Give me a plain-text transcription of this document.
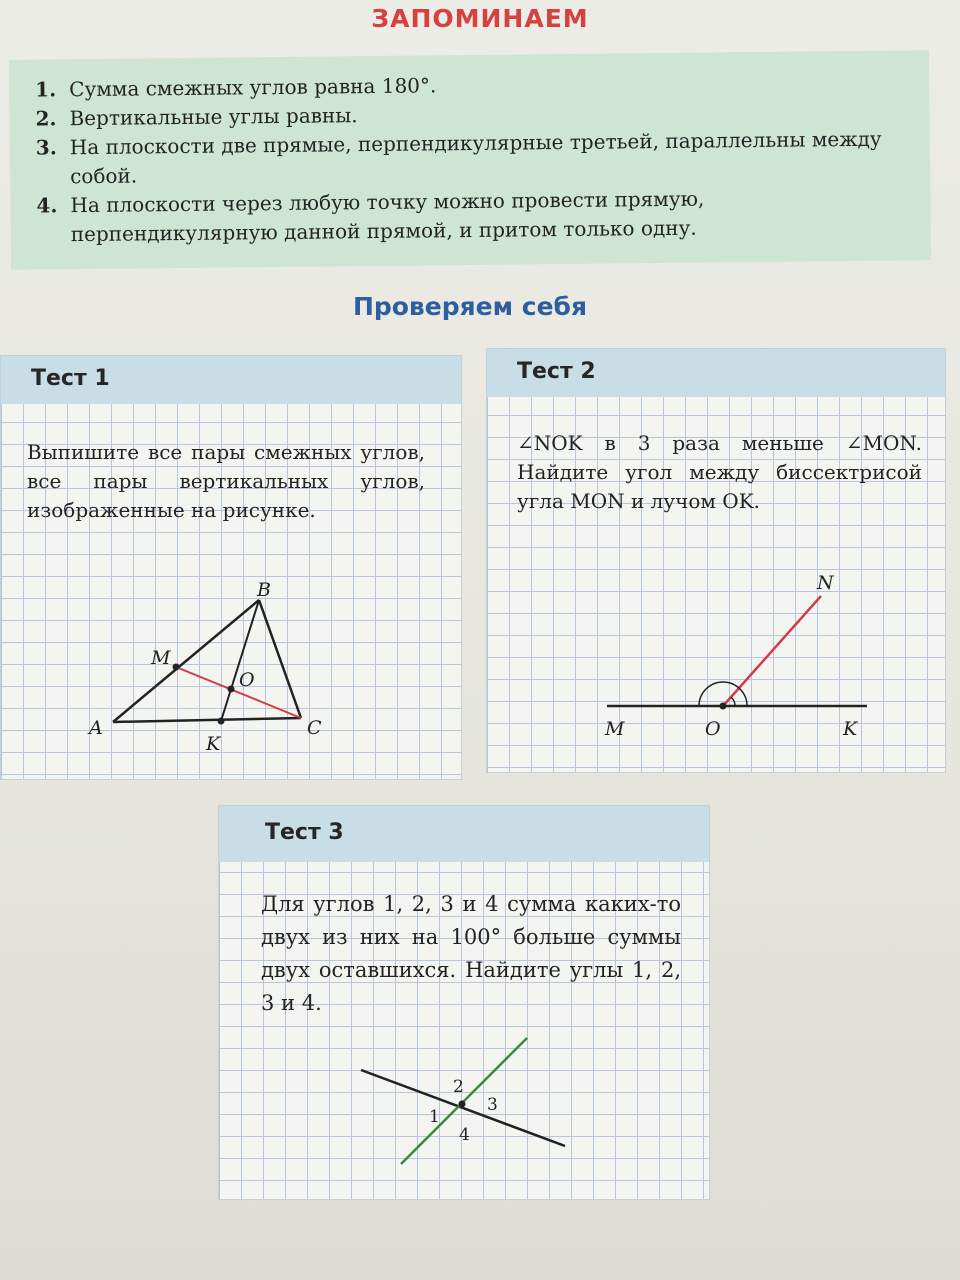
ЗАПОМИНАЕМ
1. Сумма смежных углов равна 180°.
2. Вертикальные углы равны.
3. На плоскости две прямые, перпендикулярные третьей, параллельны между собой.
4. На плоскости через любую точку можно провести прямую, перпендикулярную данной прямой, и притом только одну.
Проверяем себя
Тест 1

Выпишите все пары смежных углов, все пары вертикальных углов, изображенные на рисунке.

B
M
O
A	C
K
Тест 2

∠NOK в 3 раза меньше ∠MON. Найдите угол между биссектрисой угла MON и лучом OK.

N
M	O	K
Тест 3

Для углов 1, 2, 3 и 4 сумма каких-то двух из них на 100° больше суммы двух оставшихся. Найдите углы 1, 2, 3 и 4.

2
1
3
4
